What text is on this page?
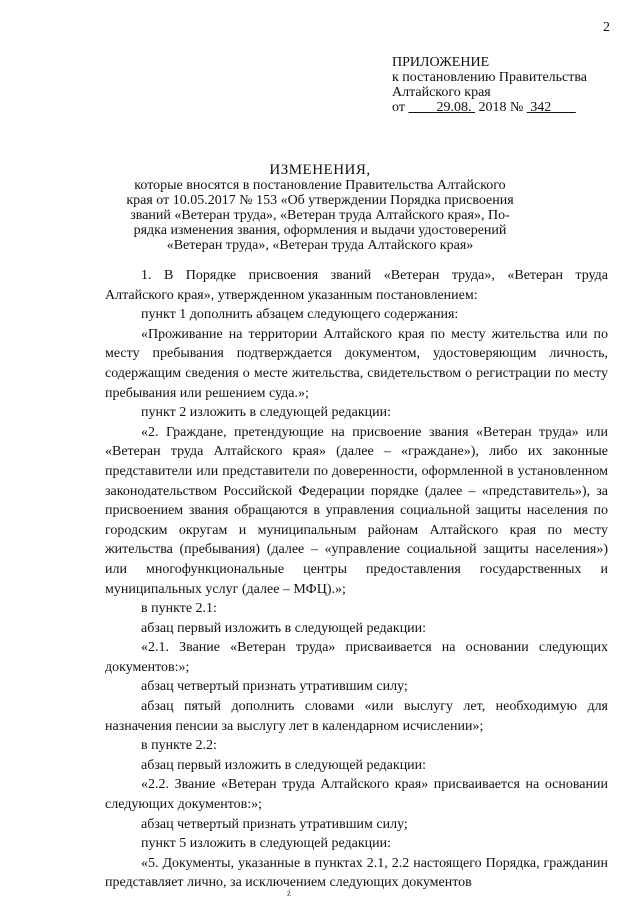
2
ПРИЛОЖЕНИЕ
к постановлению Правительства
Алтайского края
от 29.08. 2018 № 342
ИЗМЕНЕНИЯ,
которые вносятся в постановление Правительства Алтайского
края от 10.05.2017 № 153 «Об утверждении Порядка присвоения
званий «Ветеран труда», «Ветеран труда Алтайского края», По-
рядка изменения звания, оформления и выдачи удостоверений
«Ветеран труда», «Ветеран труда Алтайского края»

1. В Порядке присвоения званий «Ветеран труда», «Ветеран труда Алтайского края», утвержденном указанным постановлением:

пункт 1 дополнить абзацем следующего содержания:

«Проживание на территории Алтайского края по месту жительства или по месту пребывания подтверждается документом, удостоверяющим личность, содержащим сведения о месте жительства, свидетельством о регистрации по месту пребывания или решением суда.»;

пункт 2 изложить в следующей редакции:

«2. Граждане, претендующие на присвоение звания «Ветеран труда» или «Ветеран труда Алтайского края» (далее – «граждане»), либо их законные представители или представители по доверенности, оформленной в установленном законодательством Российской Федерации порядке (далее – «представитель»), за присвоением звания обращаются в управления социальной защиты населения по городским округам и муниципальным районам Алтайского края по месту жительства (пребывания) (далее – «управление социальной защиты населения») или многофункциональные центры предоставления государственных и муниципальных услуг (далее – МФЦ).»;

в пункте 2.1:

абзац первый изложить в следующей редакции:

«2.1. Звание «Ветеран труда» присваивается на основании следующих документов:»;

абзац четвертый признать утратившим силу;

абзац пятый дополнить словами «или выслугу лет, необходимую для назначения пенсии за выслугу лет в календарном исчислении»;

в пункте 2.2:

абзац первый изложить в следующей редакции:

«2.2. Звание «Ветеран труда Алтайского края» присваивается на основании следующих документов:»;

абзац четвертый признать утратившим силу;

пункт 5 изложить в следующей редакции:

«5. Документы, указанные в пунктах 2.1, 2.2 настоящего Порядка, гражданин представляет лично, за исключением следующих документов

ź
